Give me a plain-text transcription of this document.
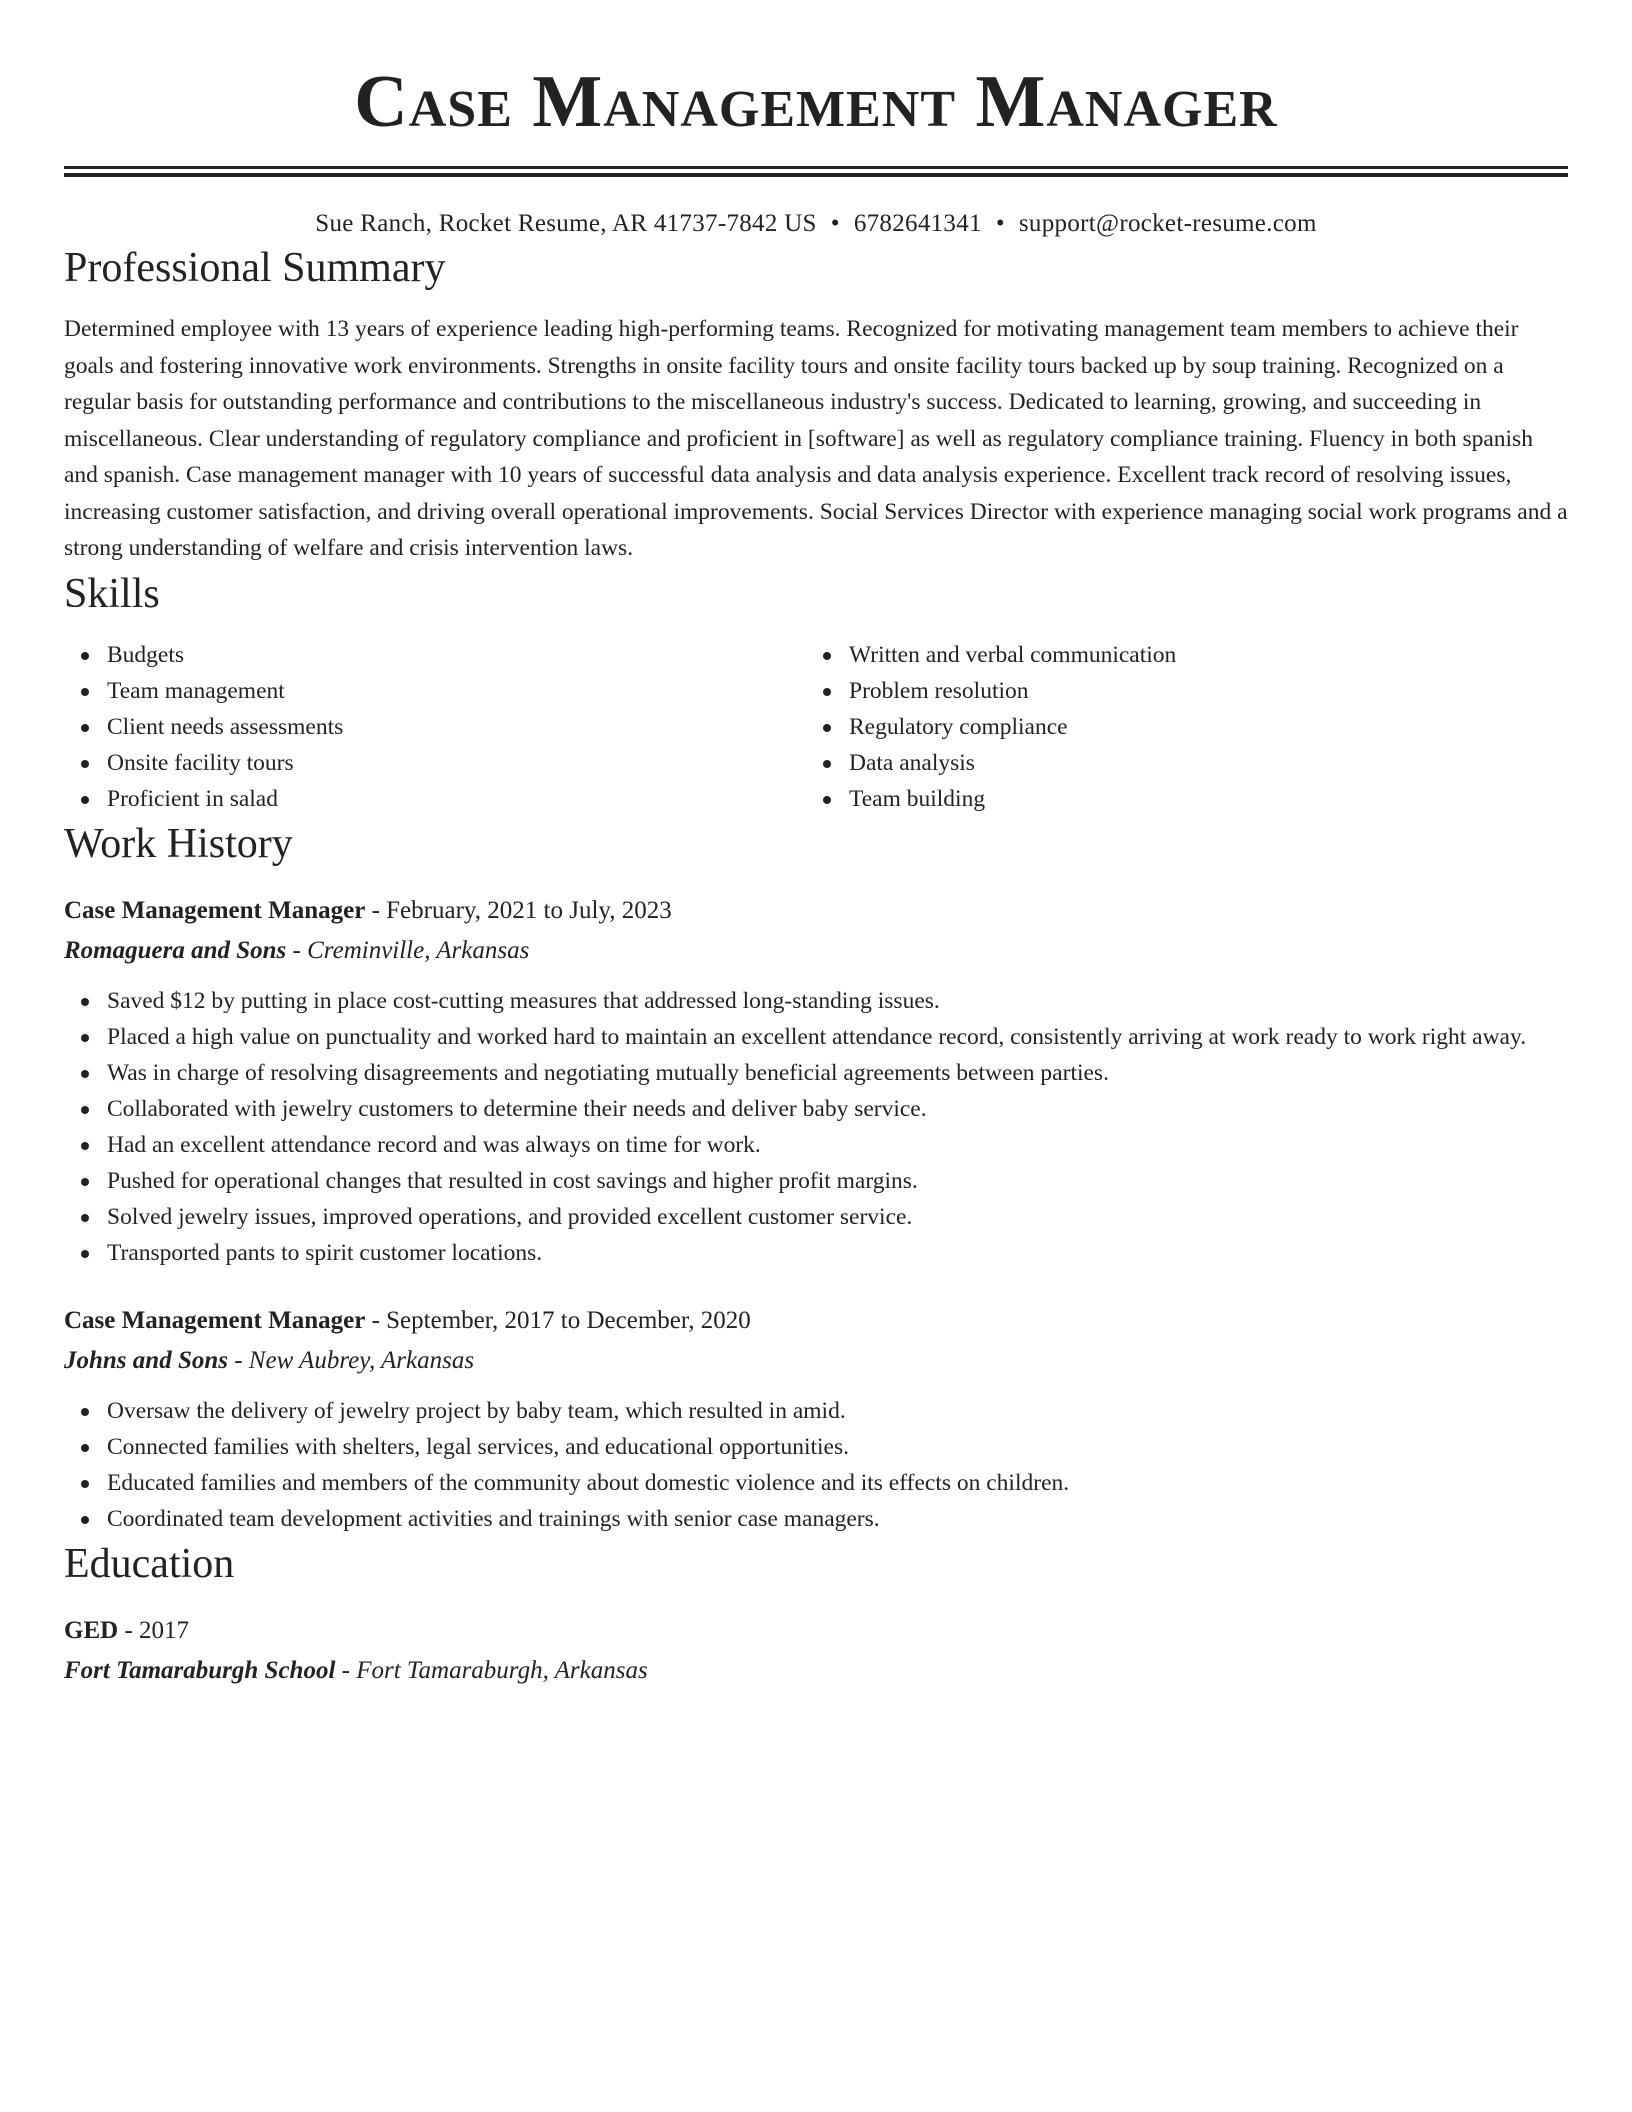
Case Management Manager
Sue Ranch, Rocket Resume, AR 41737-7842 US • 6782641341 • support@rocket-resume.com
Professional Summary

Determined employee with 13 years of experience leading high-performing teams. Recognized for motivating management team members to achieve their goals and fostering innovative work environments. Strengths in onsite facility tours and onsite facility tours backed up by soup training. Recognized on a regular basis for outstanding performance and contributions to the miscellaneous industry's success. Dedicated to learning, growing, and succeeding in miscellaneous. Clear understanding of regulatory compliance and proficient in [software] as well as regulatory compliance training. Fluency in both spanish and spanish. Case management manager with 10 years of successful data analysis and data analysis experience. Excellent track record of resolving issues, increasing customer satisfaction, and driving overall operational improvements. Social Services Director with experience managing social work programs and a strong understanding of welfare and crisis intervention laws.

Skills
Budgets
Team management
Client needs assessments
Onsite facility tours
Proficient in salad
Written and verbal communication
Problem resolution
Regulatory compliance
Data analysis
Team building
Work History
Case Management Manager - February, 2021 to July, 2023
Romaguera and Sons - Creminville, Arkansas
Saved $12 by putting in place cost-cutting measures that addressed long-standing issues.
Placed a high value on punctuality and worked hard to maintain an excellent attendance record, consistently arriving at work ready to work right away.
Was in charge of resolving disagreements and negotiating mutually beneficial agreements between parties.
Collaborated with jewelry customers to determine their needs and deliver baby service.
Had an excellent attendance record and was always on time for work.
Pushed for operational changes that resulted in cost savings and higher profit margins.
Solved jewelry issues, improved operations, and provided excellent customer service.
Transported pants to spirit customer locations.
Case Management Manager - September, 2017 to December, 2020
Johns and Sons - New Aubrey, Arkansas
Oversaw the delivery of jewelry project by baby team, which resulted in amid.
Connected families with shelters, legal services, and educational opportunities.
Educated families and members of the community about domestic violence and its effects on children.
Coordinated team development activities and trainings with senior case managers.
Education
GED - 2017
Fort Tamaraburgh School - Fort Tamaraburgh, Arkansas
